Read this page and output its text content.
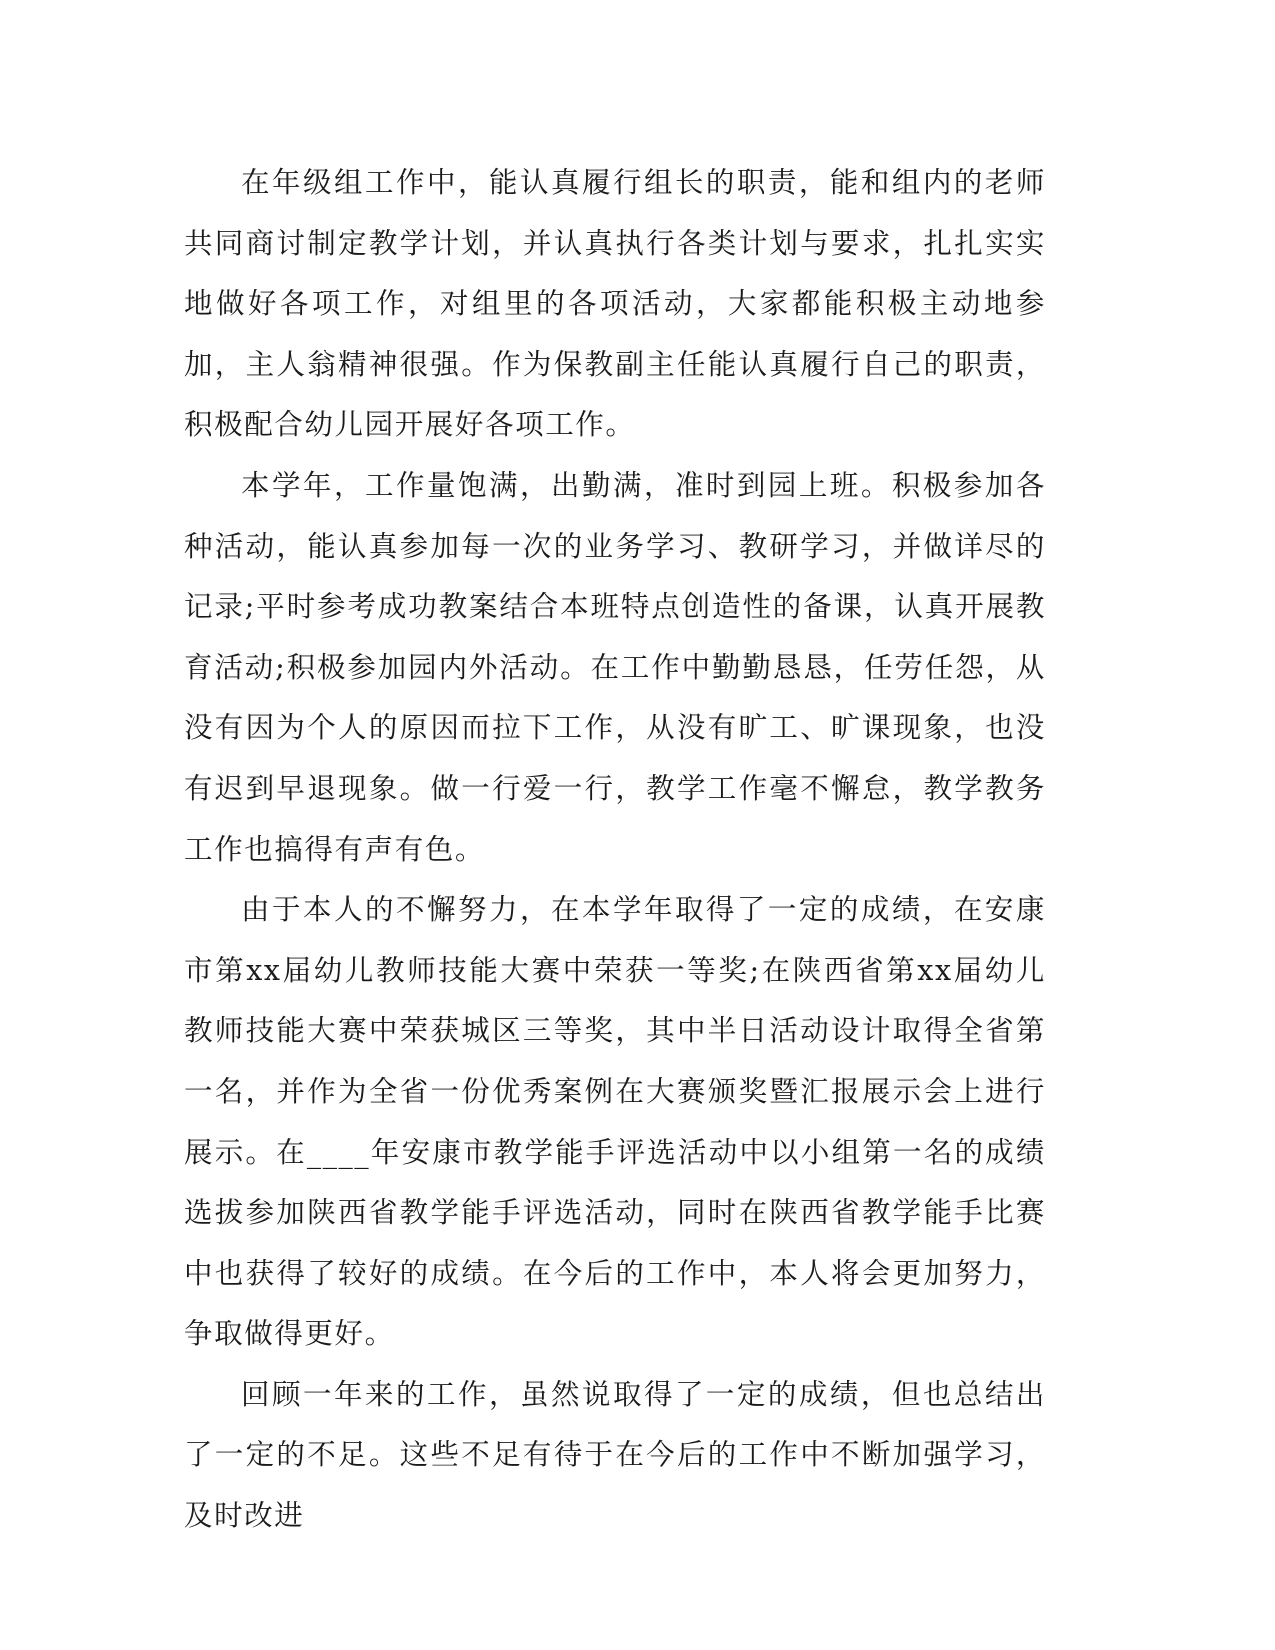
在年级组工作中，能认真履行组长的职责，能和组内的老师共同商讨制定教学计划，并认真执行各类计划与要求，扎扎实实地做好各项工作，对组里的各项活动，大家都能积极主动地参加，主人翁精神很强。作为保教副主任能认真履行自己的职责，积极配合幼儿园开展好各项工作。

本学年，工作量饱满，出勤满，准时到园上班。积极参加各种活动，能认真参加每一次的业务学习、教研学习，并做详尽的记录;平时参考成功教案结合本班特点创造性的备课，认真开展教育活动;积极参加园内外活动。在工作中勤勤恳恳，任劳任怨，从没有因为个人的原因而拉下工作，从没有旷工、旷课现象，也没有迟到早退现象。做一行爱一行，教学工作毫不懈怠，教学教务工作也搞得有声有色。

由于本人的不懈努力，在本学年取得了一定的成绩，在安康市第xx届幼儿教师技能大赛中荣获一等奖;在陕西省第xx届幼儿教师技能大赛中荣获城区三等奖，其中半日活动设计取得全省第一名，并作为全省一份优秀案例在大赛颁奖暨汇报展示会上进行展示。在____年安康市教学能手评选活动中以小组第一名的成绩选拔参加陕西省教学能手评选活动，同时在陕西省教学能手比赛中也获得了较好的成绩。在今后的工作中，本人将会更加努力，争取做得更好。

回顾一年来的工作，虽然说取得了一定的成绩，但也总结出了一定的不足。这些不足有待于在今后的工作中不断加强学习，及时改进
